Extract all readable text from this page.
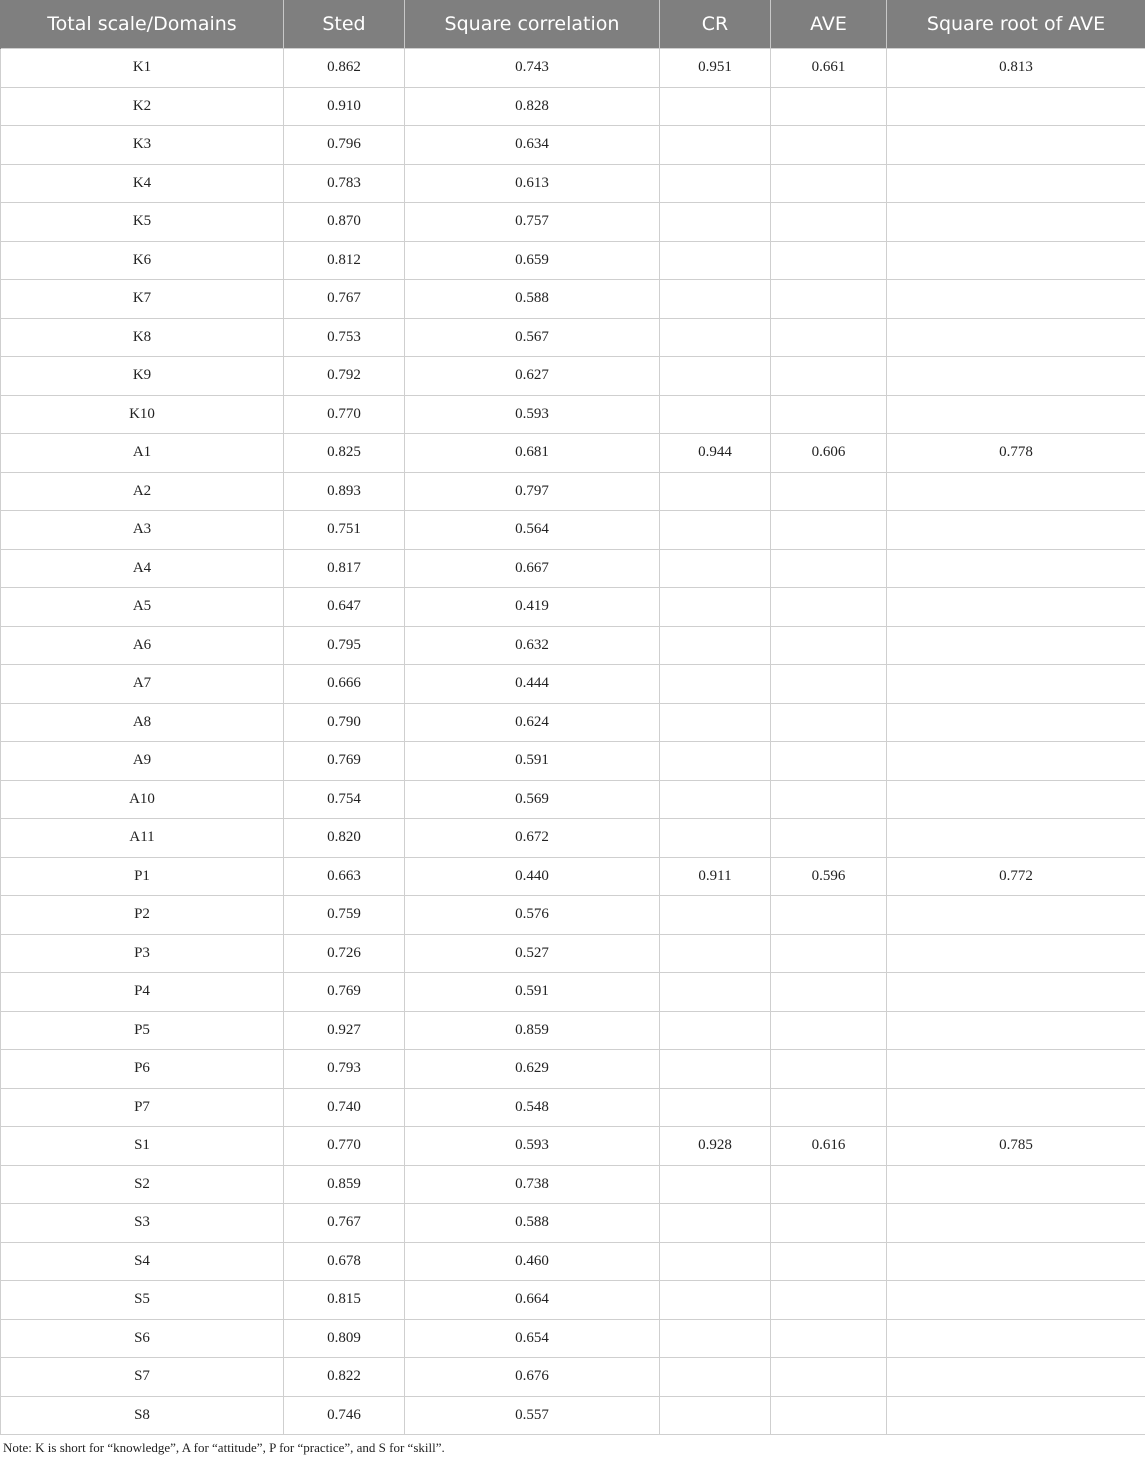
Total scale/Domains	Sted	Square correlation	CR	AVE	Square root of AVE
K1	0.862	0.743	0.951	0.661	0.813
K2	0.910	0.828			
K3	0.796	0.634			
K4	0.783	0.613			
K5	0.870	0.757			
K6	0.812	0.659			
K7	0.767	0.588			
K8	0.753	0.567			
K9	0.792	0.627			
K10	0.770	0.593			
A1	0.825	0.681	0.944	0.606	0.778
A2	0.893	0.797			
A3	0.751	0.564			
A4	0.817	0.667			
A5	0.647	0.419			
A6	0.795	0.632			
A7	0.666	0.444			
A8	0.790	0.624			
A9	0.769	0.591			
A10	0.754	0.569			
A11	0.820	0.672			
P1	0.663	0.440	0.911	0.596	0.772
P2	0.759	0.576			
P3	0.726	0.527			
P4	0.769	0.591			
P5	0.927	0.859			
P6	0.793	0.629			
P7	0.740	0.548			
S1	0.770	0.593	0.928	0.616	0.785
S2	0.859	0.738			
S3	0.767	0.588			
S4	0.678	0.460			
S5	0.815	0.664			
S6	0.809	0.654			
S7	0.822	0.676			
S8	0.746	0.557			
Note: K is short for “knowledge”, A for “attitude”, P for “practice”, and S for “skill”.
